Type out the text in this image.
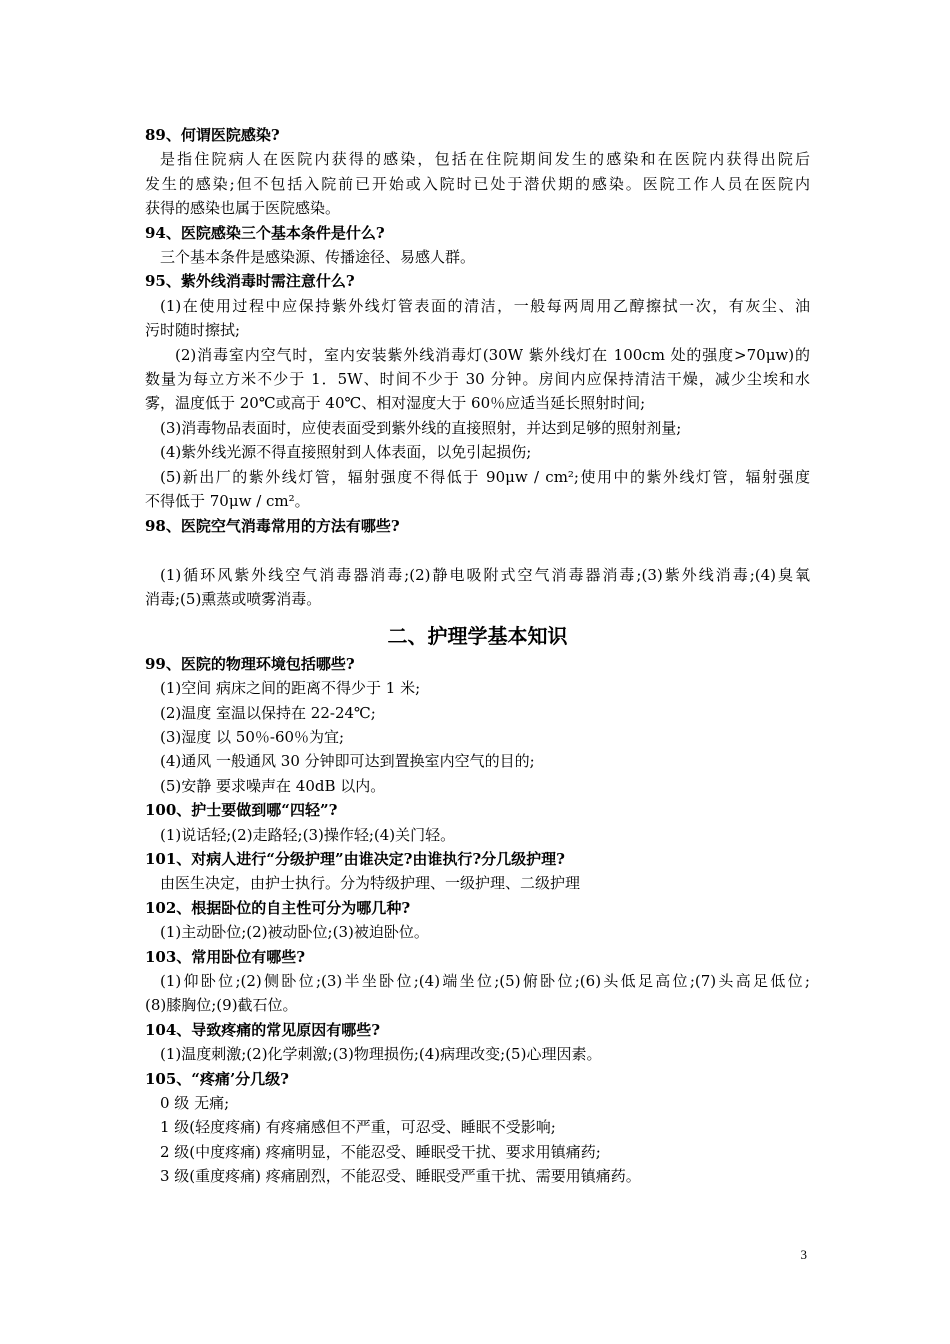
89、何谓医院感染?
是指住院病人在医院内获得的感染，包括在住院期间发生的感染和在医院内获得出院后
发生的感染;但不包括入院前已开始或入院时已处于潜伏期的感染。医院工作人员在医院内
获得的感染也属于医院感染。
94、医院感染三个基本条件是什么?
三个基本条件是感染源、传播途径、易感人群。
95、紫外线消毒时需注意什么?
(1)在使用过程中应保持紫外线灯管表面的清洁，一般每两周用乙醇擦拭一次，有灰尘、油
污时随时擦拭;
(2)消毒室内空气时，室内安装紫外线消毒灯(30W 紫外线灯在 100cm 处的强度>70μw)的
数量为每立方米不少于 1．5W、时间不少于 30 分钟。房间内应保持清洁干燥，减少尘埃和水
雾，温度低于 20℃或高于 40℃、相对湿度大于 60％应适当延长照射时间;
(3)消毒物品表面时，应使表面受到紫外线的直接照射，并达到足够的照射剂量;
(4)紫外线光源不得直接照射到人体表面，以免引起损伤;
(5)新出厂的紫外线灯管，辐射强度不得低于 90μw / cm²;使用中的紫外线灯管，辐射强度
不得低于 70μw / cm²。
98、医院空气消毒常用的方法有哪些?
(1)循环风紫外线空气消毒器消毒;(2)静电吸附式空气消毒器消毒;(3)紫外线消毒;(4)臭氧
消毒;(5)熏蒸或喷雾消毒。
二、护理学基本知识
99、医院的物理环境包括哪些?
(1)空间 病床之间的距离不得少于 1 米;
(2)温度 室温以保持在 22-24℃;
(3)湿度 以 50％-60％为宜;
(4)通风 一般通风 30 分钟即可达到置换室内空气的目的;
(5)安静 要求噪声在 40dB 以内。
100、护士要做到哪“四轻”?
(1)说话轻;(2)走路轻;(3)操作轻;(4)关门轻。
101、对病人进行“分级护理”由谁决定?由谁执行?分几级护理?
由医生决定，由护士执行。分为特级护理、一级护理、二级护理
102、根据卧位的自主性可分为哪几种?
(1)主动卧位;(2)被动卧位;(3)被迫卧位。
103、常用卧位有哪些?
(1)仰卧位;(2)侧卧位;(3)半坐卧位;(4)端坐位;(5)俯卧位;(6)头低足高位;(7)头高足低位;
(8)膝胸位;(9)截石位。
104、导致疼痛的常见原因有哪些?
(1)温度刺激;(2)化学刺激;(3)物理损伤;(4)病理改变;(5)心理因素。
105、“疼痛’分几级?
0 级 无痛;
1 级(轻度疼痛) 有疼痛感但不严重，可忍受、睡眠不受影响;
2 级(中度疼痛) 疼痛明显，不能忍受、睡眠受干扰、要求用镇痛药;
3 级(重度疼痛) 疼痛剧烈，不能忍受、睡眠受严重干扰、需要用镇痛药。
3
